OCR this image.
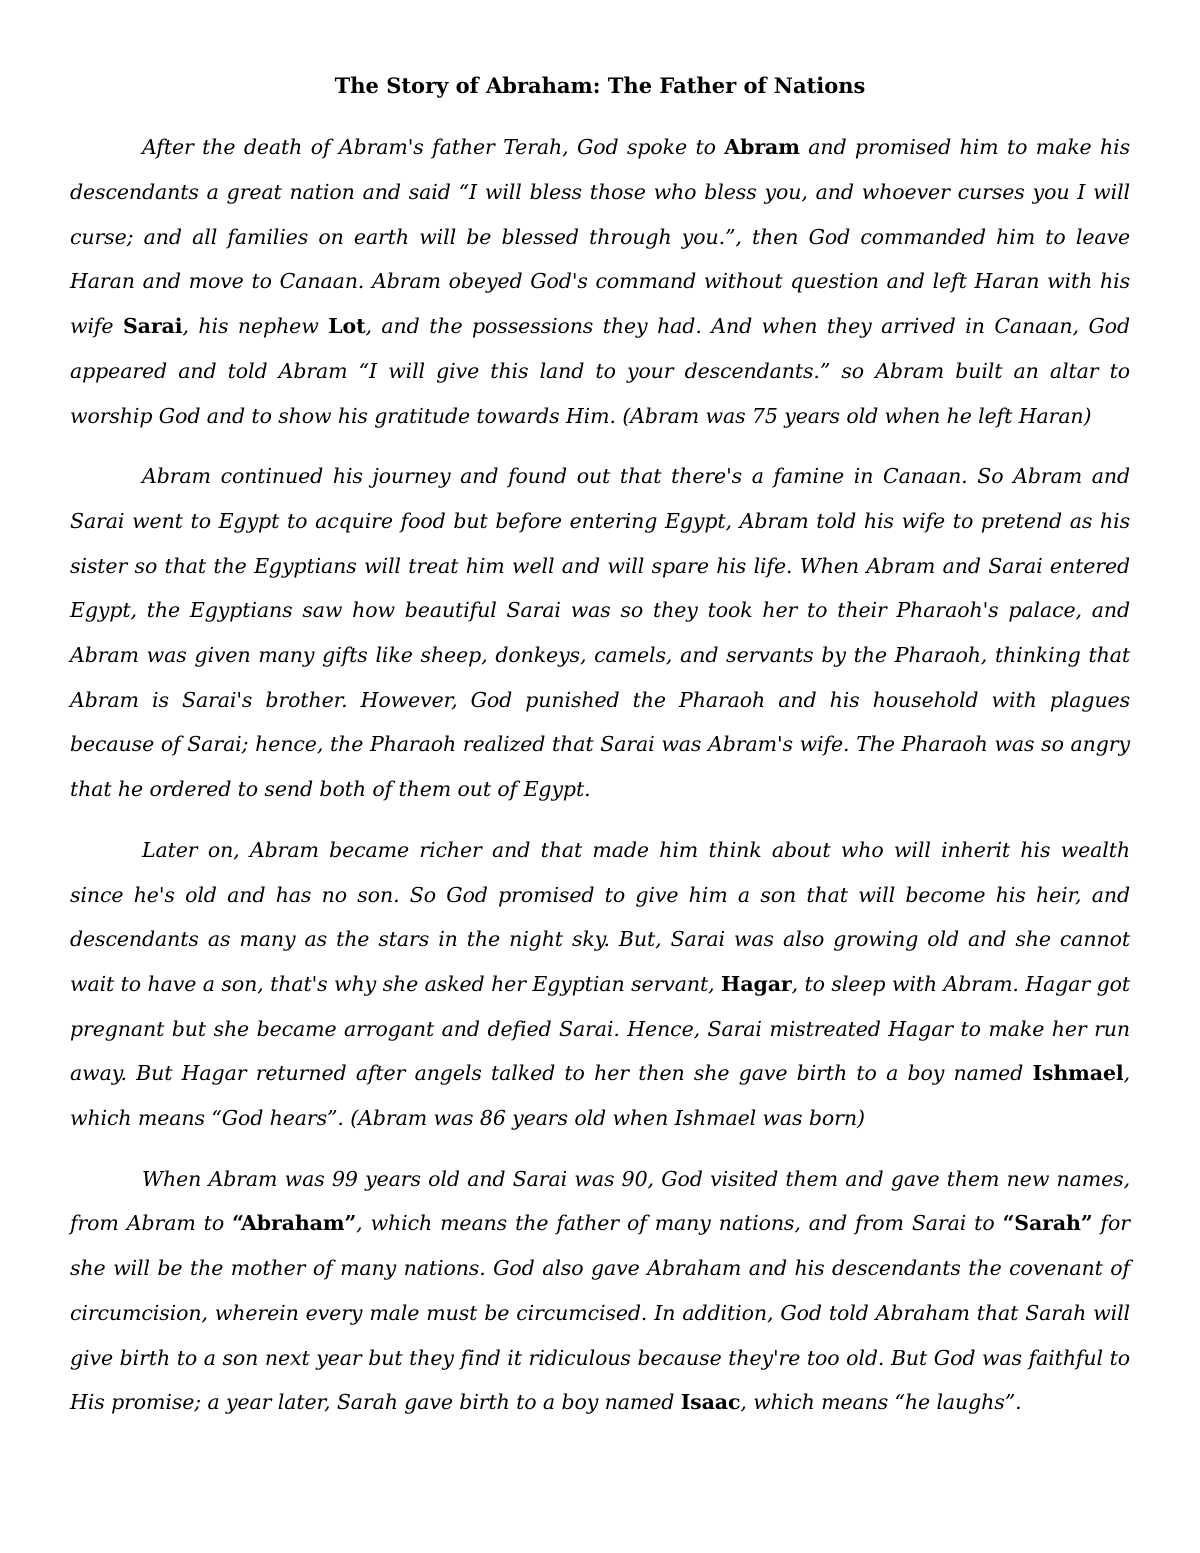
The Story of Abraham: The Father of Nations

After the death of Abram's father Terah, God spoke to Abram and promised him to make his descendants a great nation and said “I will bless those who bless you, and whoever curses you I will curse; and all families on earth will be blessed through you.”, then God commanded him to leave Haran and move to Canaan. Abram obeyed God's command without question and left Haran with his wife Sarai, his nephew Lot, and the possessions they had. And when they arrived in Canaan, God appeared and told Abram “I will give this land to your descendants.” so Abram built an altar to worship God and to show his gratitude towards Him. (Abram was 75 years old when he left Haran)

Abram continued his journey and found out that there's a famine in Canaan. So Abram and Sarai went to Egypt to acquire food but before entering Egypt, Abram told his wife to pretend as his sister so that the Egyptians will treat him well and will spare his life. When Abram and Sarai entered Egypt, the Egyptians saw how beautiful Sarai was so they took her to their Pharaoh's palace, and Abram was given many gifts like sheep, donkeys, camels, and servants by the Pharaoh, thinking that Abram is Sarai's brother. However, God punished the Pharaoh and his household with plagues because of Sarai; hence, the Pharaoh realized that Sarai was Abram's wife. The Pharaoh was so angry that he ordered to send both of them out of Egypt.

Later on, Abram became richer and that made him think about who will inherit his wealth since he's old and has no son. So God promised to give him a son that will become his heir, and descendants as many as the stars in the night sky. But, Sarai was also growing old and she cannot wait to have a son, that's why she asked her Egyptian servant, Hagar, to sleep with Abram. Hagar got pregnant but she became arrogant and defied Sarai. Hence, Sarai mistreated Hagar to make her run away. But Hagar returned after angels talked to her then she gave birth to a boy named Ishmael, which means “God hears”. (Abram was 86 years old when Ishmael was born)

When Abram was 99 years old and Sarai was 90, God visited them and gave them new names, from Abram to “Abraham”, which means the father of many nations, and from Sarai to “Sarah” for she will be the mother of many nations. God also gave Abraham and his descendants the covenant of circumcision, wherein every male must be circumcised. In addition, God told Abraham that Sarah will give birth to a son next year but they find it ridiculous because they're too old. But God was faithful to His promise; a year later, Sarah gave birth to a boy named Isaac, which means “he laughs”.
